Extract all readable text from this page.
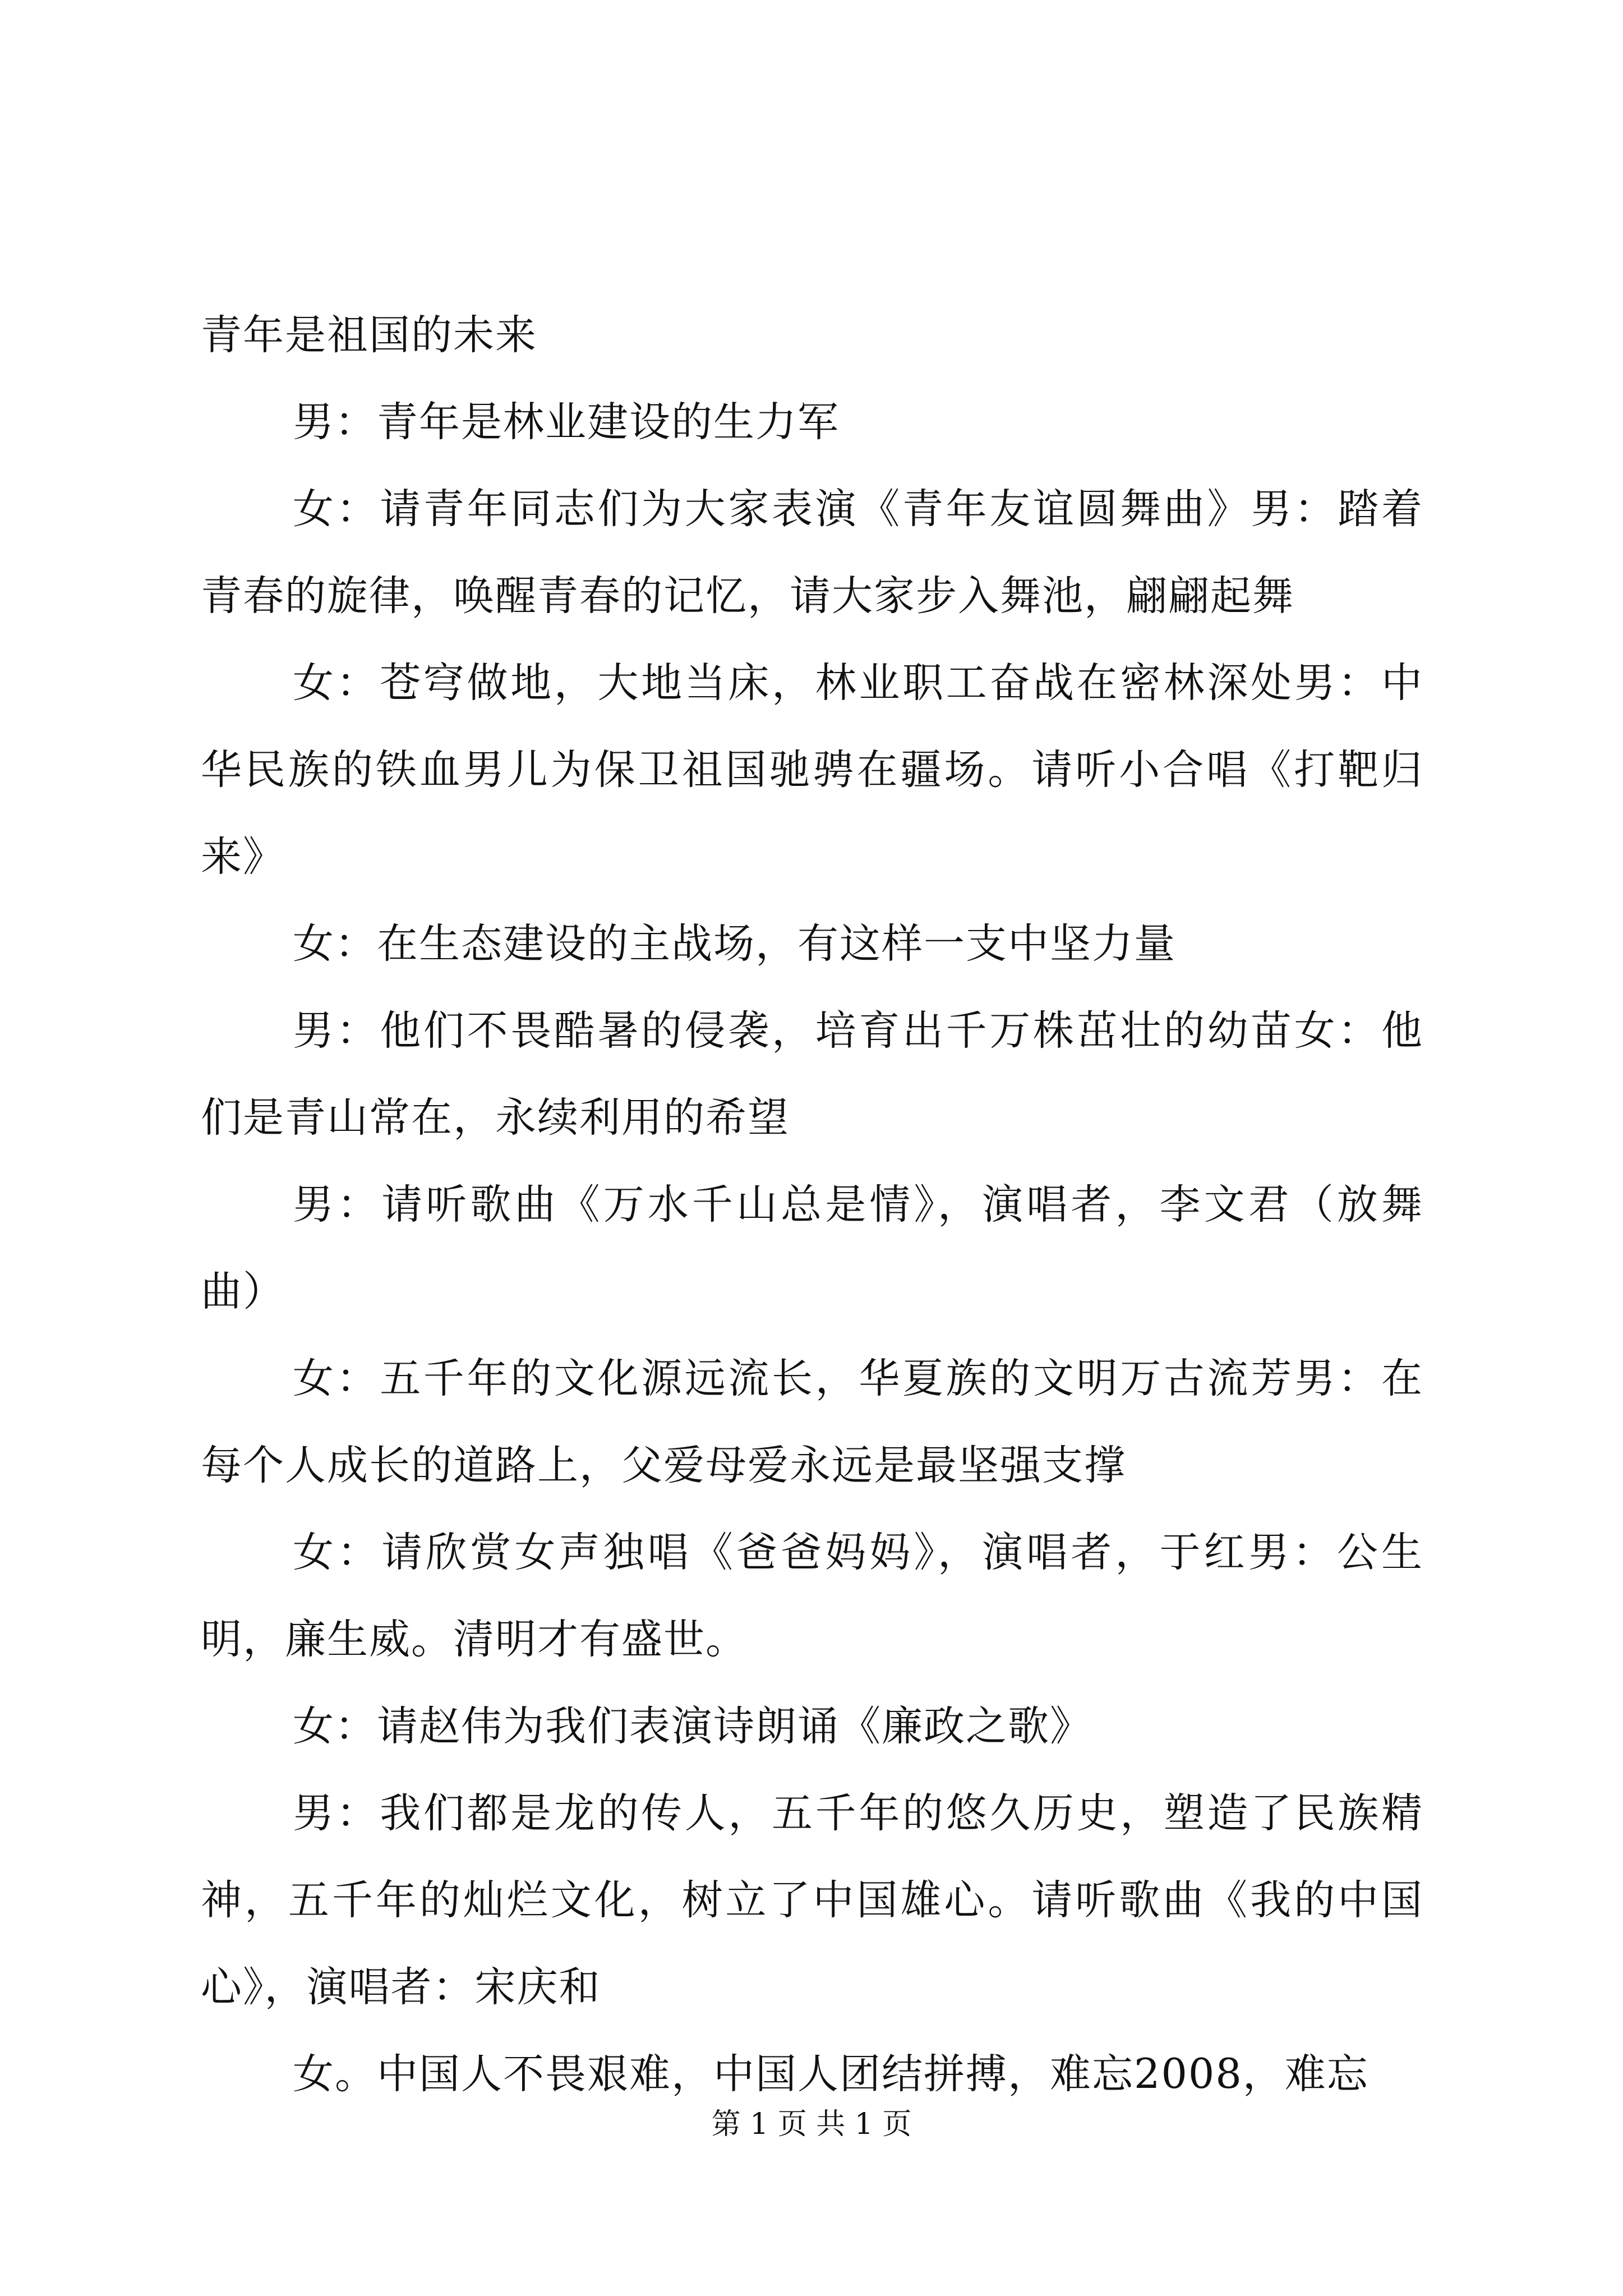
青年是祖国的未来

男：青年是林业建设的生力军

女：请青年同志们为大家表演《青年友谊圆舞曲》男：踏着青春的旋律，唤醒青春的记忆，请大家步入舞池，翩翩起舞

女：苍穹做地，大地当床，林业职工奋战在密林深处男：中华民族的铁血男儿为保卫祖国驰骋在疆场。请听小合唱《打靶归来》

女：在生态建设的主战场，有这样一支中坚力量

男：他们不畏酷暑的侵袭，培育出千万株茁壮的幼苗女：他们是青山常在，永续利用的希望

男：请听歌曲《万水千山总是情》，演唱者，李文君（放舞曲）

女：五千年的文化源远流长，华夏族的文明万古流芳男：在每个人成长的道路上，父爱母爱永远是最坚强支撑

女：请欣赏女声独唱《爸爸妈妈》，演唱者，于红男：公生明，廉生威。清明才有盛世。

女：请赵伟为我们表演诗朗诵《廉政之歌》

男：我们都是龙的传人，五千年的悠久历史，塑造了民族精神，五千年的灿烂文化，树立了中国雄心。请听歌曲《我的中国心》，演唱者：宋庆和

女。中国人不畏艰难，中国人团结拼搏，难忘2008，难忘

第 1 页 共 1 页
